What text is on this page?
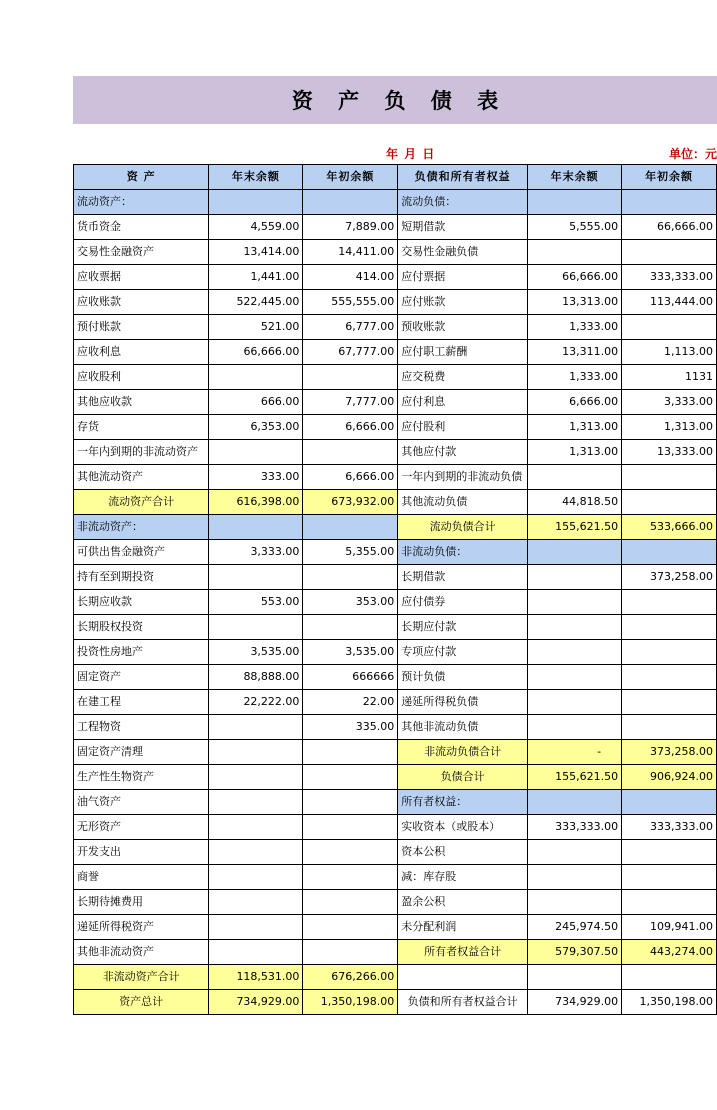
资 产 负 债 表
年 月 日	单位：元
资 产	年末余额	年初余额	负债和所有者权益	年末余额	年初余额
流动资产：			流动负债：		
货币资金	4,559.00	7,889.00	短期借款	5,555.00	66,666.00
交易性金融资产	13,414.00	14,411.00	交易性金融负债		
应收票据	1,441.00	414.00	应付票据	66,666.00	333,333.00
应收账款	522,445.00	555,555.00	应付账款	13,313.00	113,444.00
预付账款	521.00	6,777.00	预收账款	1,333.00	
应收利息	66,666.00	67,777.00	应付职工薪酬	13,311.00	1,113.00
应收股利			应交税费	1,333.00	1131
其他应收款	666.00	7,777.00	应付利息	6,666.00	3,333.00
存货	6,353.00	6,666.00	应付股利	1,313.00	1,313.00
一年内到期的非流动资产			其他应付款	1,313.00	13,333.00
其他流动资产	333.00	6,666.00	一年内到期的非流动负债		
流动资产合计	616,398.00	673,932.00	其他流动负债	44,818.50	
非流动资产：			流动负债合计	155,621.50	533,666.00
可供出售金融资产	3,333.00	5,355.00	非流动负债：		
持有至到期投资			长期借款		373,258.00
长期应收款	553.00	353.00	应付债券		
长期股权投资			长期应付款		
投资性房地产	3,535.00	3,535.00	专项应付款		
固定资产	88,888.00	666666	预计负债		
在建工程	22,222.00	22.00	递延所得税负债		
工程物资		335.00	其他非流动负债		
固定资产清理			非流动负债合计	-	373,258.00
生产性生物资产			负债合计	155,621.50	906,924.00
油气资产			所有者权益：		
无形资产			实收资本（或股本）	333,333.00	333,333.00
开发支出			资本公积		
商誉			减：库存股		
长期待摊费用			盈余公积		
递延所得税资产			未分配利润	245,974.50	109,941.00
其他非流动资产			所有者权益合计	579,307.50	443,274.00
非流动资产合计	118,531.00	676,266.00			
资产总计	734,929.00	1,350,198.00	负债和所有者权益合计	734,929.00	1,350,198.00
